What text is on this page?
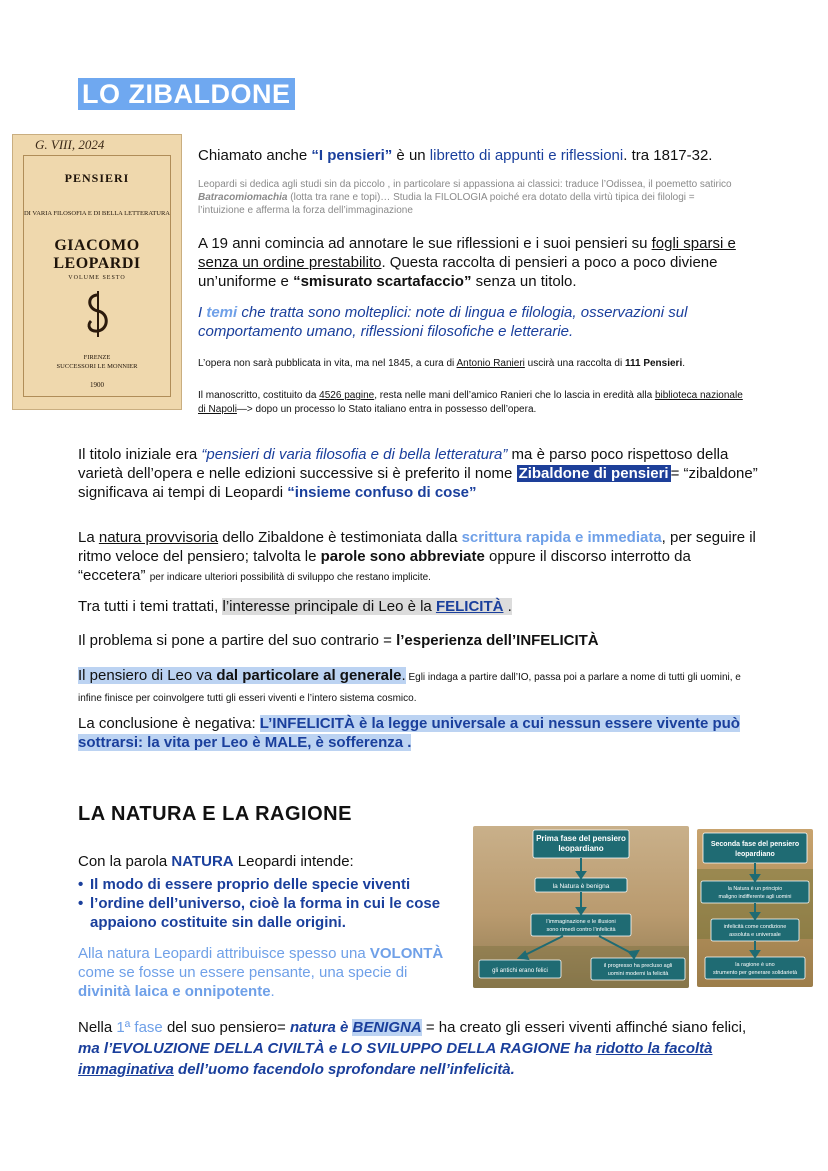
LO ZIBALDONE
G. VIII, 2024
PENSIERI
DI VARIA FILOSOFIA E DI BELLA LETTERATURA
GIACOMO LEOPARDI
VOLUME SESTO
FIRENZE
SUCCESSORI LE MONNIER
1900
Chiamato anche “I pensieri” è un libretto di appunti e riflessioni. tra 1817-32.
Leopardi si dedica agli studi sin da piccolo , in particolare si appassiona ai classici: traduce l’Odissea, il poemetto satirico Batracomiomachia (lotta tra rane e topi)… Studia la FILOLOGIA poiché era dotato della virtù tipica dei filologi = l’intuizione e afferma la forza dell’immaginazione
A 19 anni comincia ad annotare le sue riflessioni e i suoi pensieri su fogli sparsi e senza un ordine prestabilito. Questa raccolta di pensieri a poco a poco diviene un’uniforme e “smisurato scartafaccio” senza un titolo.
I temi che tratta sono molteplici: note di lingua e filologia, osservazioni sul comportamento umano, riflessioni filosofiche e letterarie.
L’opera non sarà pubblicata in vita, ma nel 1845, a cura di Antonio Ranieri uscirà una raccolta di 111 Pensieri.
Il manoscritto, costituito da 4526 pagine, resta nelle mani dell’amico Ranieri che lo lascia in eredità alla biblioteca nazionale di Napoli—> dopo un processo lo Stato italiano entra in possesso dell’opera.
Il titolo iniziale era “pensieri di varia filosofia e di bella letteratura” ma è parso poco rispettoso della varietà dell’opera e nelle edizioni successive si è preferito il nome Zibaldone di pensieri = “zibaldone” significava ai tempi di Leopardi “insieme confuso di cose”
La natura provvisoria dello Zibaldone è testimoniata dalla scrittura rapida e immediata, per seguire il ritmo veloce del pensiero; talvolta le parole sono abbreviate oppure il discorso interrotto da “eccetera” per indicare ulteriori possibilità di sviluppo che restano implicite.
Tra tutti i temi trattati, l’interesse principale di Leo è la FELICITÀ .
Il problema si pone a partire del suo contrario = l’esperienza dell’INFELICITÀ
Il pensiero di Leo va dal particolare al generale. Egli indaga a partire dall’IO, passa poi a parlare a nome di tutti gli uomini, e infine finisce per coinvolgere tutti gli esseri viventi e l’intero sistema cosmico.
La conclusione è negativa: L’INFELICITÀ è la legge universale a cui nessun essere vivente può sottrarsi: la vita per Leo è MALE, è sofferenza .
LA NATURA E LA RAGIONE
Con la parola NATURA Leopardi intende:
• Il modo di essere proprio delle specie viventi
• l’ordine dell’universo, cioè la forma in cui le cose appaiono costituite sin dalle origini.
Alla natura Leopardi attribuisce spesso una VOLONTÀ come se fosse un essere pensante, una specie di divinità laica e onnipotente.
Prima fase del pensiero
leopardiano
la Natura è benigna
l’immaginazione e le illusioni
sono rimedi contro l’infelicità
gli antichi erano felici
il progresso ha precluso agli
uomini moderni la felicità
Seconda fase del pensiero
leopardiano
la Natura è un principio
maligno indifferente agli uomini
infelicità come condizione
assoluta e universale
la ragione è uno
strumento per generare solidarietà
Nella 1ª fase del suo pensiero= natura è BENIGNA = ha creato gli esseri viventi affinché siano felici, ma l’EVOLUZIONE DELLA CIVILTÀ e LO SVILUPPO DELLA RAGIONE ha ridotto la facoltà immaginativa dell’uomo facendolo sprofondare nell’infelicità.
